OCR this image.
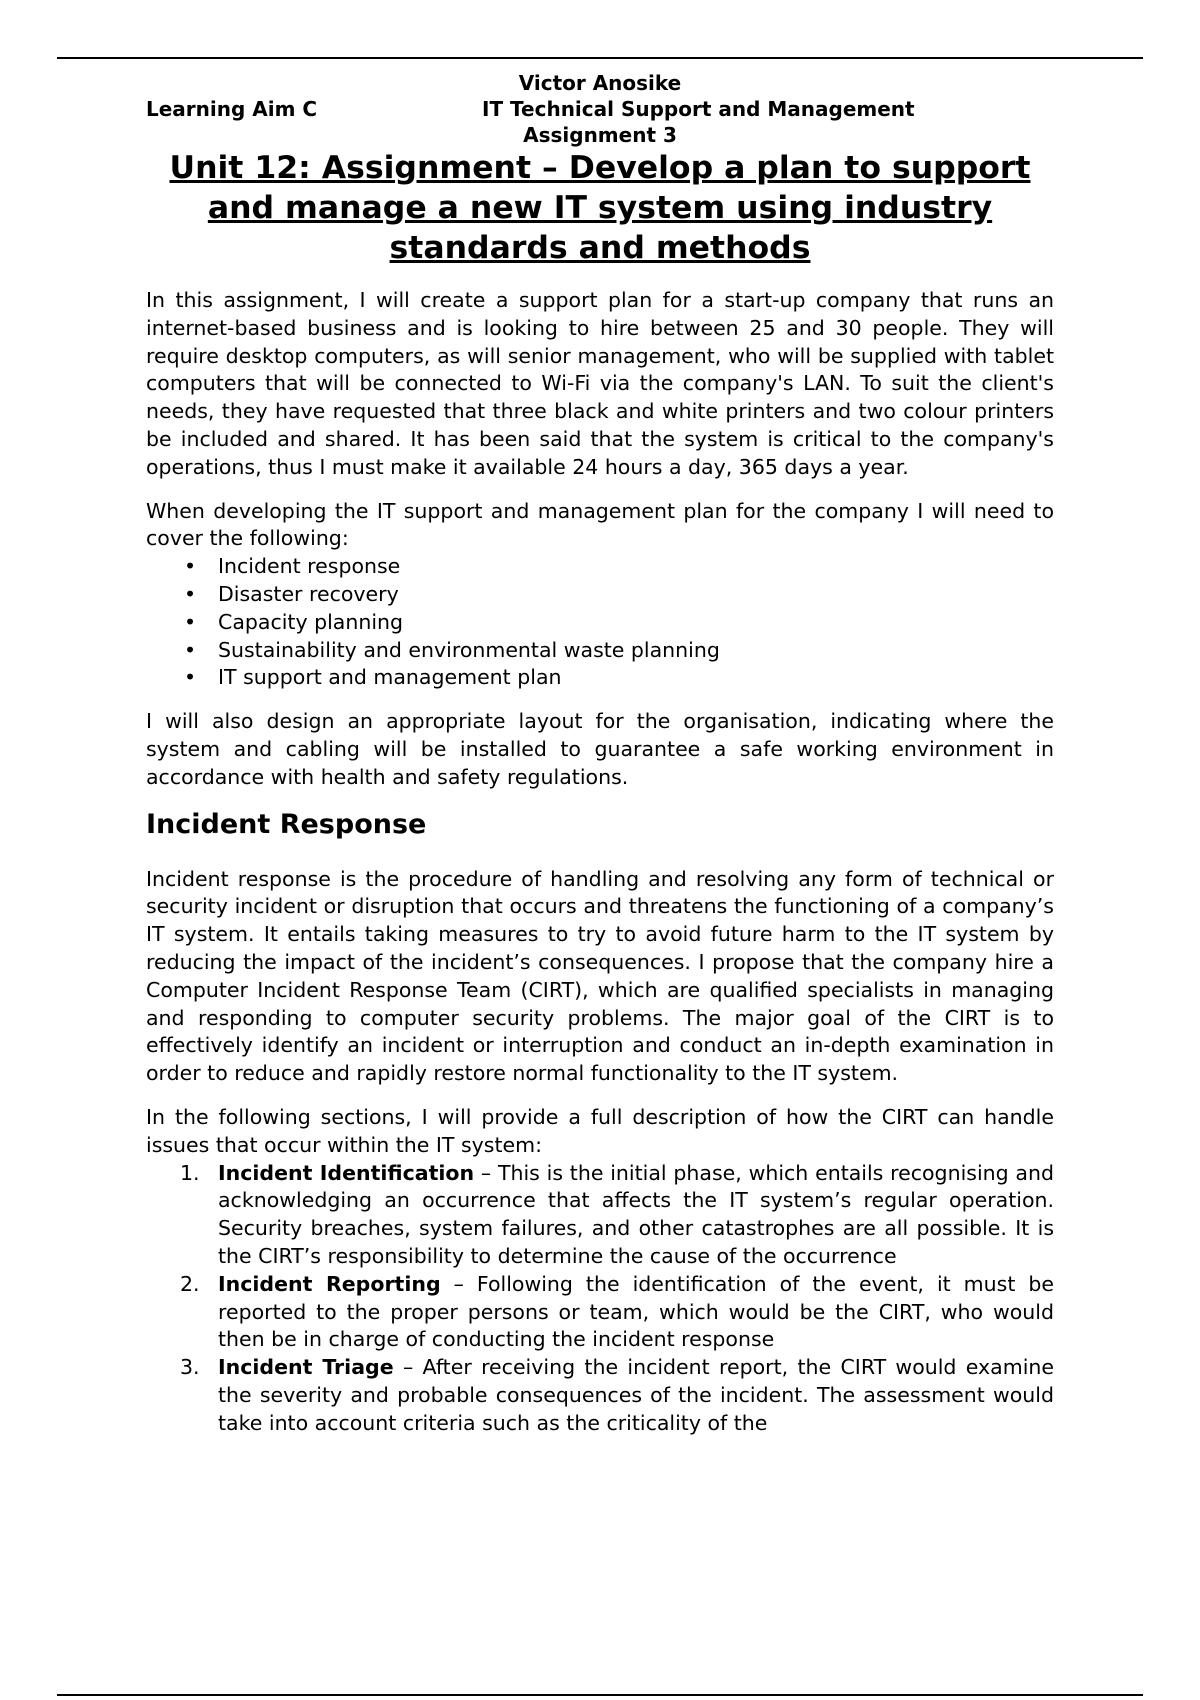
Victor Anosike
Learning Aim C	IT Technical Support and Management
Assignment 3
Unit 12: Assignment – Develop a plan to support and manage a new IT system using industry standards and methods

In this assignment, I will create a support plan for a start-up company that runs an internet-based business and is looking to hire between 25 and 30 people. They will require desktop computers, as will senior management, who will be supplied with tablet computers that will be connected to Wi-Fi via the company's LAN. To suit the client's needs, they have requested that three black and white printers and two colour printers be included and shared. It has been said that the system is critical to the company's operations, thus I must make it available 24 hours a day, 365 days a year.

When developing the IT support and management plan for the company I will need to cover the following:

• Incident response
• Disaster recovery
• Capacity planning
• Sustainability and environmental waste planning
• IT support and management plan

I will also design an appropriate layout for the organisation, indicating where the system and cabling will be installed to guarantee a safe working environment in accordance with health and safety regulations.

Incident Response

Incident response is the procedure of handling and resolving any form of technical or security incident or disruption that occurs and threatens the functioning of a company’s IT system. It entails taking measures to try to avoid future harm to the IT system by reducing the impact of the incident’s consequences. I propose that the company hire a Computer Incident Response Team (CIRT), which are qualified specialists in managing and responding to computer security problems. The major goal of the CIRT is to effectively identify an incident or interruption and conduct an in-depth examination in order to reduce and rapidly restore normal functionality to the IT system.

In the following sections, I will provide a full description of how the CIRT can handle issues that occur within the IT system:

1. Incident Identification – This is the initial phase, which entails recognising and acknowledging an occurrence that affects the IT system’s regular operation. Security breaches, system failures, and other catastrophes are all possible. It is the CIRT’s responsibility to determine the cause of the occurrence
2. Incident Reporting – Following the identification of the event, it must be reported to the proper persons or team, which would be the CIRT, who would then be in charge of conducting the incident response
3. Incident Triage – After receiving the incident report, the CIRT would examine the severity and probable consequences of the incident. The assessment would take into account criteria such as the criticality of the
